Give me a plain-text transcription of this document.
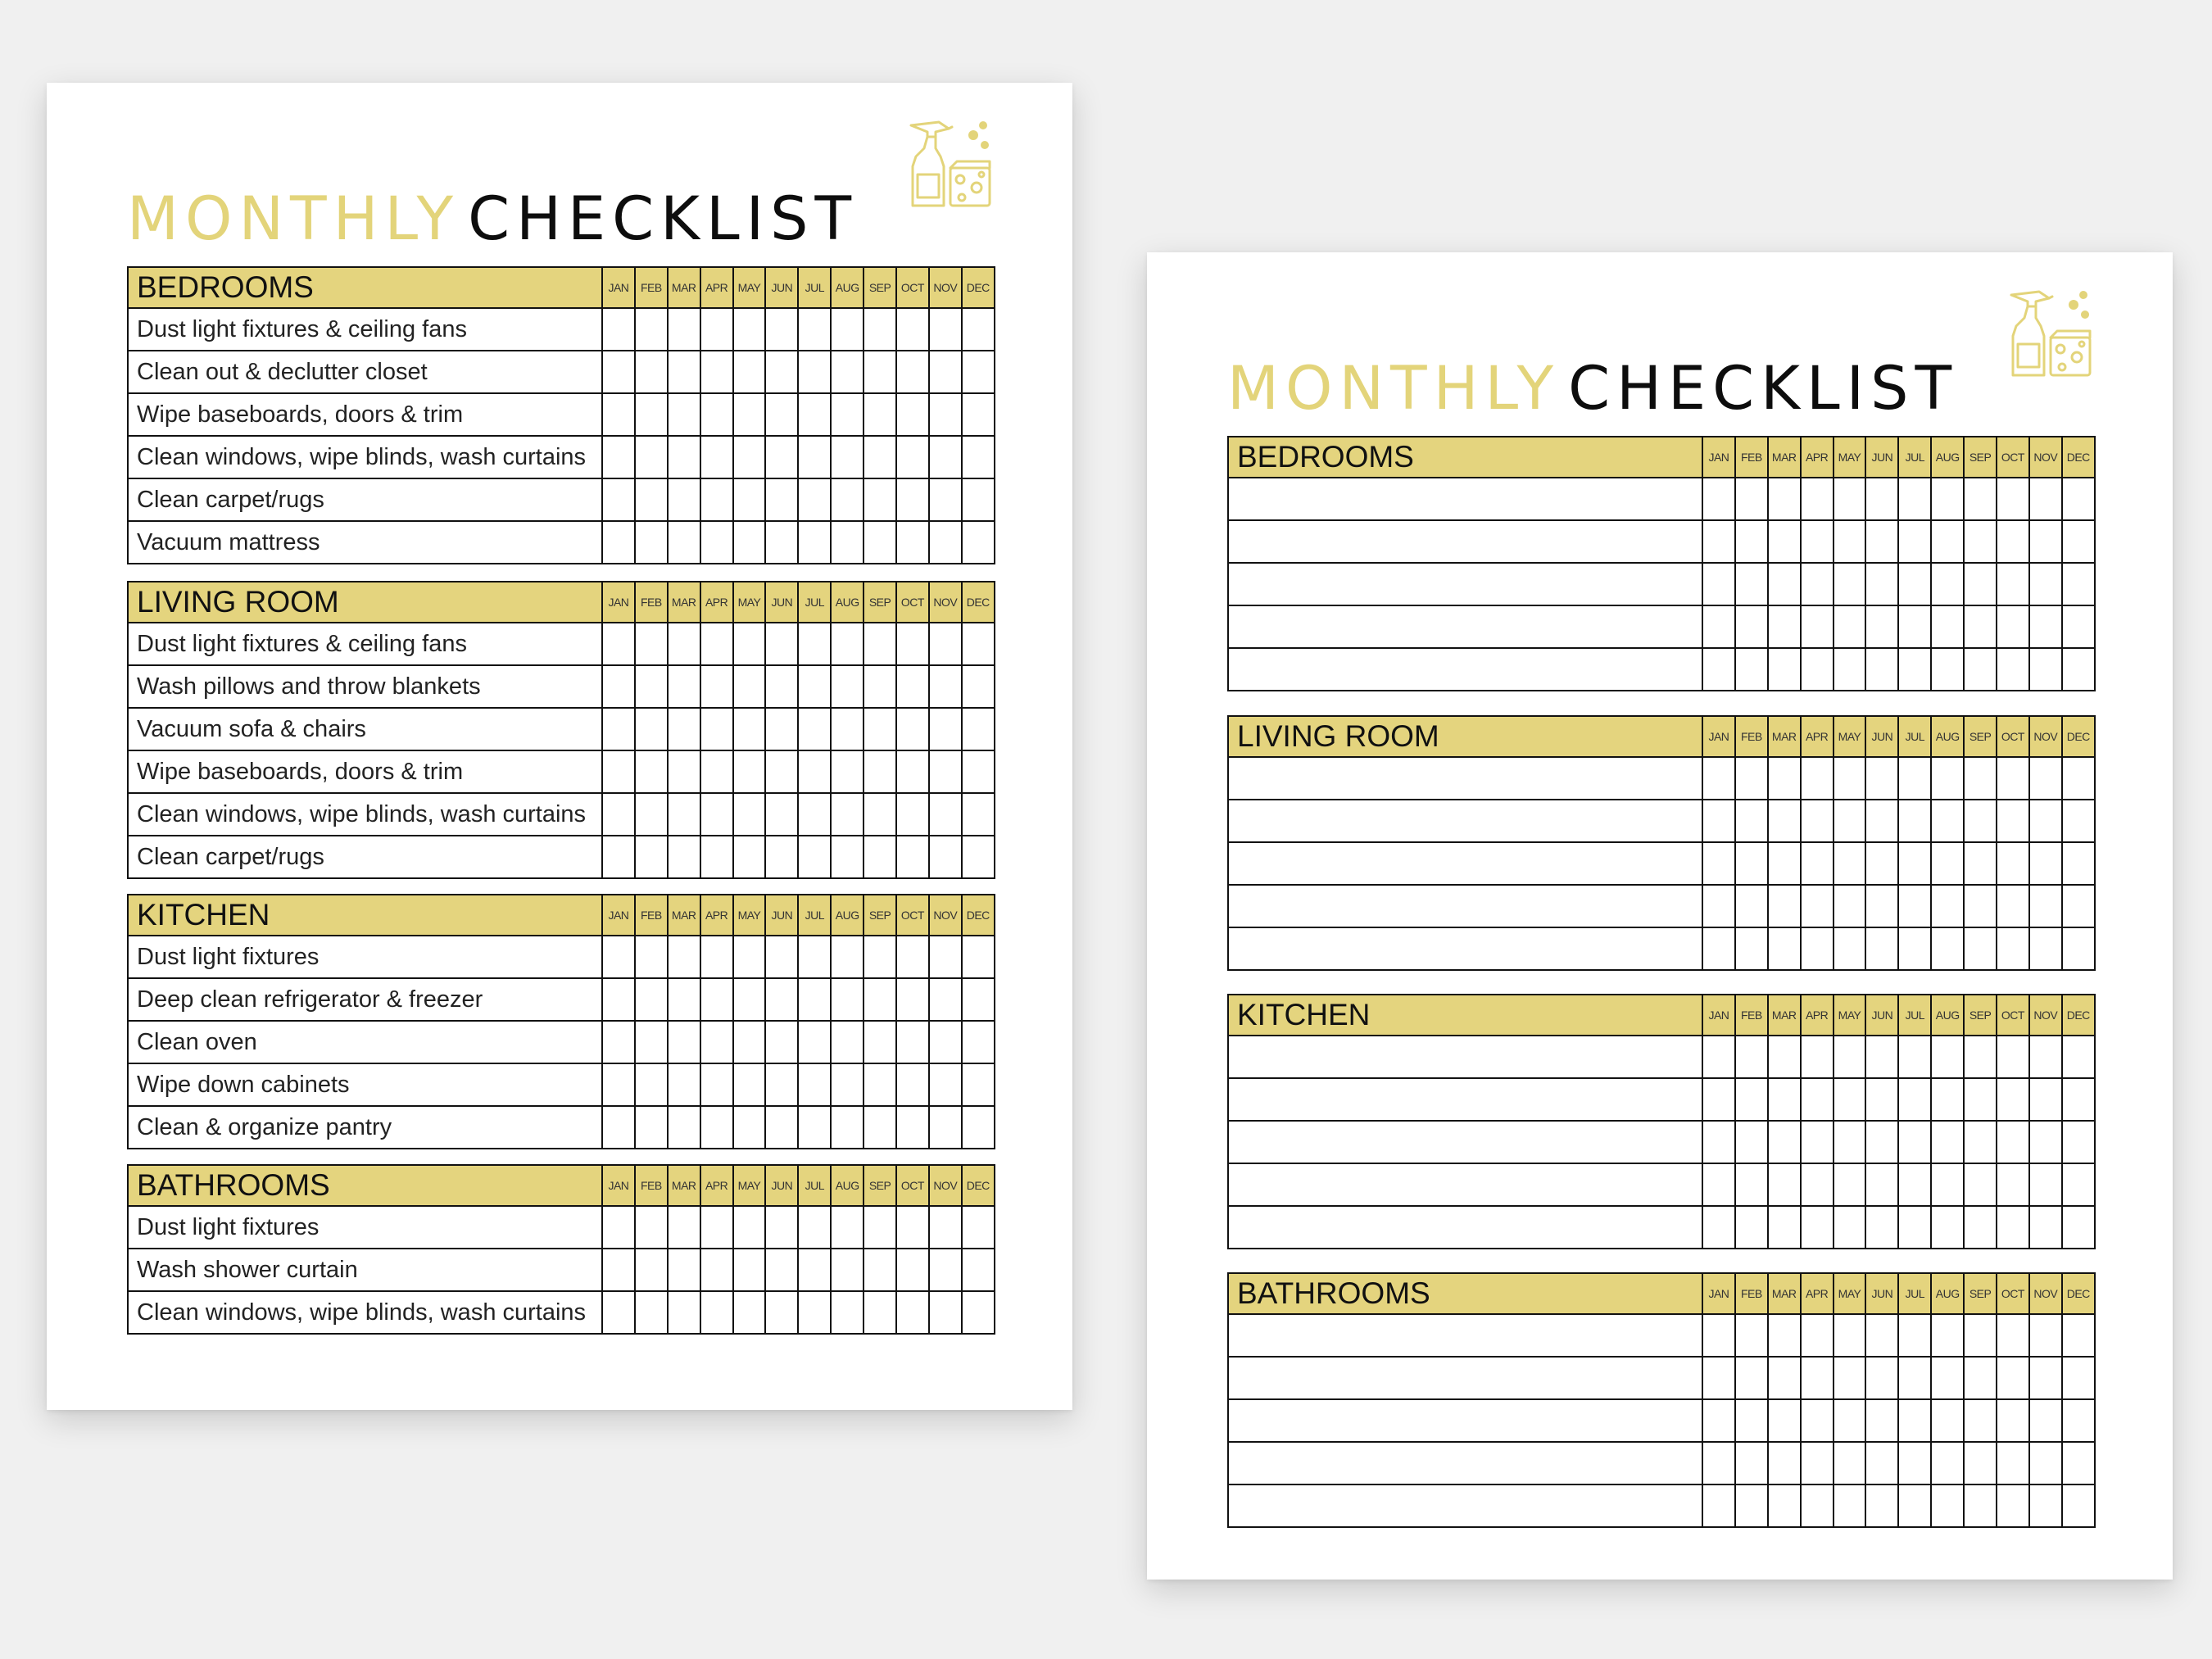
MONTHLY CHECKLIST
BEDROOMS	JAN	FEB	MAR	APR	MAY	JUN	JUL	AUG	SEP	OCT	NOV	DEC
Dust light fixtures & ceiling fans												
Clean out & declutter closet												
Wipe baseboards, doors & trim												
Clean windows, wipe blinds, wash curtains												
Clean carpet/rugs												
Vacuum mattress												
LIVING ROOM	JAN	FEB	MAR	APR	MAY	JUN	JUL	AUG	SEP	OCT	NOV	DEC
Dust light fixtures & ceiling fans												
Wash pillows and throw blankets												
Vacuum sofa & chairs												
Wipe baseboards, doors & trim												
Clean windows, wipe blinds, wash curtains												
Clean carpet/rugs												
KITCHEN	JAN	FEB	MAR	APR	MAY	JUN	JUL	AUG	SEP	OCT	NOV	DEC
Dust light fixtures												
Deep clean refrigerator & freezer												
Clean oven												
Wipe down cabinets												
Clean & organize pantry												
BATHROOMS	JAN	FEB	MAR	APR	MAY	JUN	JUL	AUG	SEP	OCT	NOV	DEC
Dust light fixtures												
Wash shower curtain												
Clean windows, wipe blinds, wash curtains												
MONTHLY CHECKLIST
BEDROOMS	JAN	FEB	MAR	APR	MAY	JUN	JUL	AUG	SEP	OCT	NOV	DEC

LIVING ROOM	JAN	FEB	MAR	APR	MAY	JUN	JUL	AUG	SEP	OCT	NOV	DEC

KITCHEN	JAN	FEB	MAR	APR	MAY	JUN	JUL	AUG	SEP	OCT	NOV	DEC

BATHROOMS	JAN	FEB	MAR	APR	MAY	JUN	JUL	AUG	SEP	OCT	NOV	DEC
